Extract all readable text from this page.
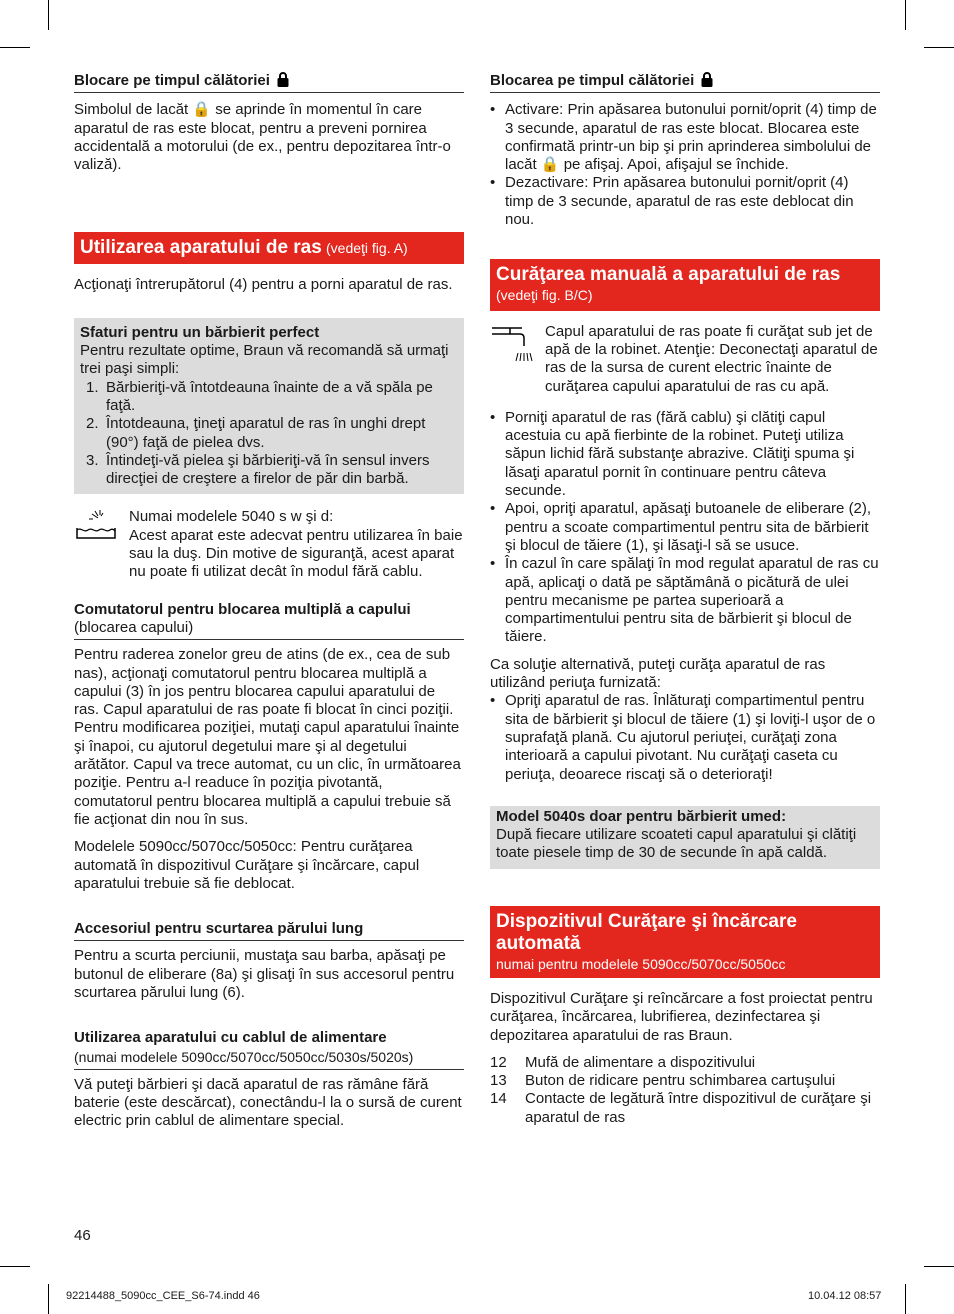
Blocare pe timpul călătoriei

Simbolul de lacăt 🔒 se aprinde în momentul în care aparatul de ras este blocat, pentru a preveni pornirea accidentală a motorului (de ex., pentru depozitarea într-o valiză).

Utilizarea aparatului de ras (vedeţi fig. A)

Acţionaţi întrerupătorul (4) pentru a porni aparatul de ras.

Sfaturi pentru un bărbierit perfect

Pentru rezultate optime, Braun vă recomandă să urmaţi trei paşi simpli:

1. Bărbieriţi-vă întotdeauna înainte de a vă spăla pe faţă.
2. Întotdeauna, ţineţi aparatul de ras în unghi drept (90°) faţă de pielea dvs.
3. Întindeţi-vă pielea şi bărbieriţi-vă în sensul invers direcţiei de creştere a firelor de păr din barbă.

Numai modelele 5040 s w şi d:

Acest aparat este adecvat pentru utilizarea în baie sau la duş. Din motive de siguranţă, acest aparat nu poate fi utilizat decât în modul fără cablu.

Comutatorul pentru blocarea multiplă a capului
(blocarea capului)

Pentru raderea zonelor greu de atins (de ex., cea de sub nas), acţionaţi comutatorul pentru blocarea multiplă a capului (3) în jos pentru blocarea capului aparatului de ras. Capul aparatului de ras poate fi blocat în cinci poziţii. Pentru modificarea poziţiei, mutaţi capul aparatului înainte şi înapoi, cu ajutorul degetului mare şi al degetului arătător. Capul va trece automat, cu un clic, în următoarea poziţie. Pentru a-l readuce în poziţia pivotantă, comutatorul pentru blocarea multiplă a capului trebuie să fie acţionat din nou în sus.

Modelele 5090cc/5070cc/5050cc: Pentru curăţarea automată în dispozitivul Curăţare şi încărcare, capul aparatului trebuie să fie deblocat.

Accesoriul pentru scurtarea părului lung

Pentru a scurta perciunii, mustaţa sau barba, apăsaţi pe butonul de eliberare (8a) şi glisaţi în sus accesorul pentru scurtarea părului lung (6).

Utilizarea aparatului cu cablul de alimentare
(numai modelele 5090cc/5070cc/5050cc/5030s/5020s)

Vă puteţi bărbieri şi dacă aparatul de ras rămâne fără baterie (este descărcat), conectându-l la o sursă de curent electric prin cablul de alimentare special.

46
Blocarea pe timpul călătoriei
• Activare: Prin apăsarea butonului pornit/oprit (4) timp de 3 secunde, aparatul de ras este blocat. Blocarea este confirmată printr-un bip şi prin aprinderea simbolului de lacăt 🔒 pe afişaj. Apoi, afişajul se închide.
• Dezactivare: Prin apăsarea butonului pornit/oprit (4) timp de 3 secunde, aparatul de ras este deblocat din nou.
Curăţarea manuală a aparatului de ras (vedeţi fig. B/C)
Capul aparatului de ras poate fi curăţat sub jet de apă de la robinet. Atenţie: Deconectaţi aparatul de ras de la sursa de curent electric înainte de curăţarea capului aparatului de ras cu apă.
• Porniţi aparatul de ras (fără cablu) şi clătiţi capul acestuia cu apă fierbinte de la robinet. Puteţi utiliza săpun lichid fără substanţe abrazive. Clătiţi spuma şi lăsaţi aparatul pornit în continuare pentru câteva secunde.
• Apoi, opriţi aparatul, apăsaţi butoanele de eliberare (2), pentru a scoate compartimentul pentru sita de bărbierit şi blocul de tăiere (1), şi lăsaţi-l să se usuce.
• În cazul în care spălaţi în mod regulat aparatul de ras cu apă, aplicaţi o dată pe săptămână o picătură de ulei pentru mecanisme pe partea superioară a compartimentului pentru sita de bărbierit şi blocul de tăiere.

Ca soluţie alternativă, puteţi curăţa aparatul de ras utilizând periuţa furnizată:

• Opriţi aparatul de ras. Înlăturaţi compartimentul pentru sita de bărbierit şi blocul de tăiere (1) şi loviţi-l uşor de o suprafaţă plană. Cu ajutorul periuţei, curăţaţi zona interioară a capului pivotant. Nu curăţaţi caseta cu periuţa, deoarece riscaţi să o deterioraţi!
Model 5040s doar pentru bărbierit umed:

După fiecare utilizare scoateti capul aparatului şi clătiţi toate piesele timp de 30 de secunde în apă caldă.

Dispozitivul Curăţare şi încărcare automată
numai pentru modelele 5090cc/5070cc/5050cc

Dispozitivul Curăţare şi reîncărcare a fost proiectat pentru curăţarea, încărcarea, lubrifierea, dezinfectarea şi depozitarea aparatului de ras Braun.

12	Mufă de alimentare a dispozitivului
13	Buton de ridicare pentru schimbarea cartuşului
14	Contacte de legătură între dispozitivul de curăţare şi aparatul de ras
92214488_5090cc_CEE_S6-74.indd 46	10.04.12 08:57
